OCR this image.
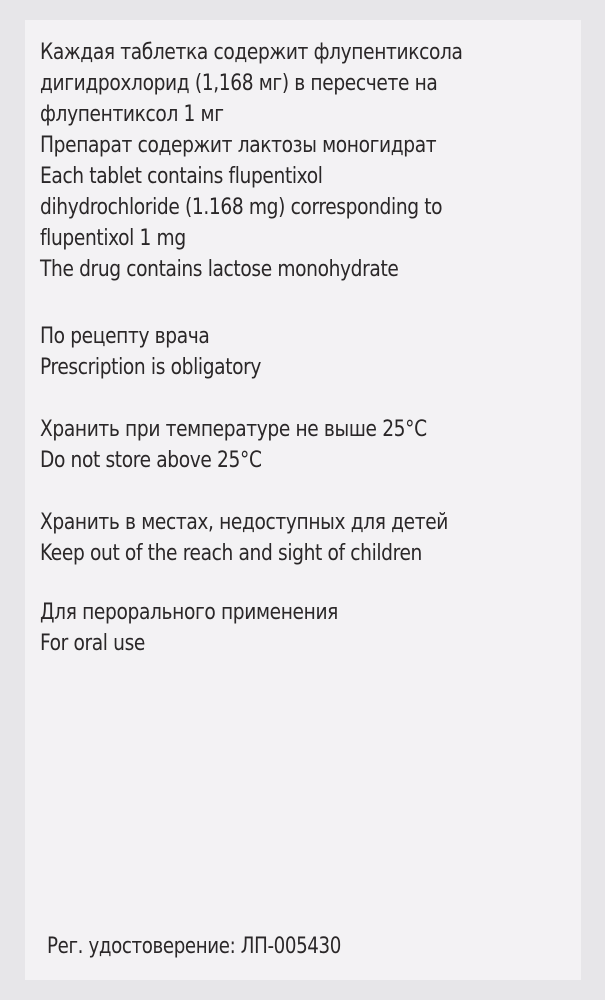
Каждая таблетка содержит флупентиксола
дигидрохлорид (1,168 мг) в пересчете на
флупентиксол 1 мг
Препарат содержит лактозы моногидрат
Each tablet contains flupentixol
dihydrochloride (1.168 mg) corresponding to
flupentixol 1 mg
The drug contains lactose monohydrate
По рецепту врача
Prescription is obligatory
Хранить при температуре не выше 25°C
Do not store above 25°C
Хранить в местах, недоступных для детей
Keep out of the reach and sight of children
Для перорального применения
For oral use
Рег. удостоверение: ЛП-005430
